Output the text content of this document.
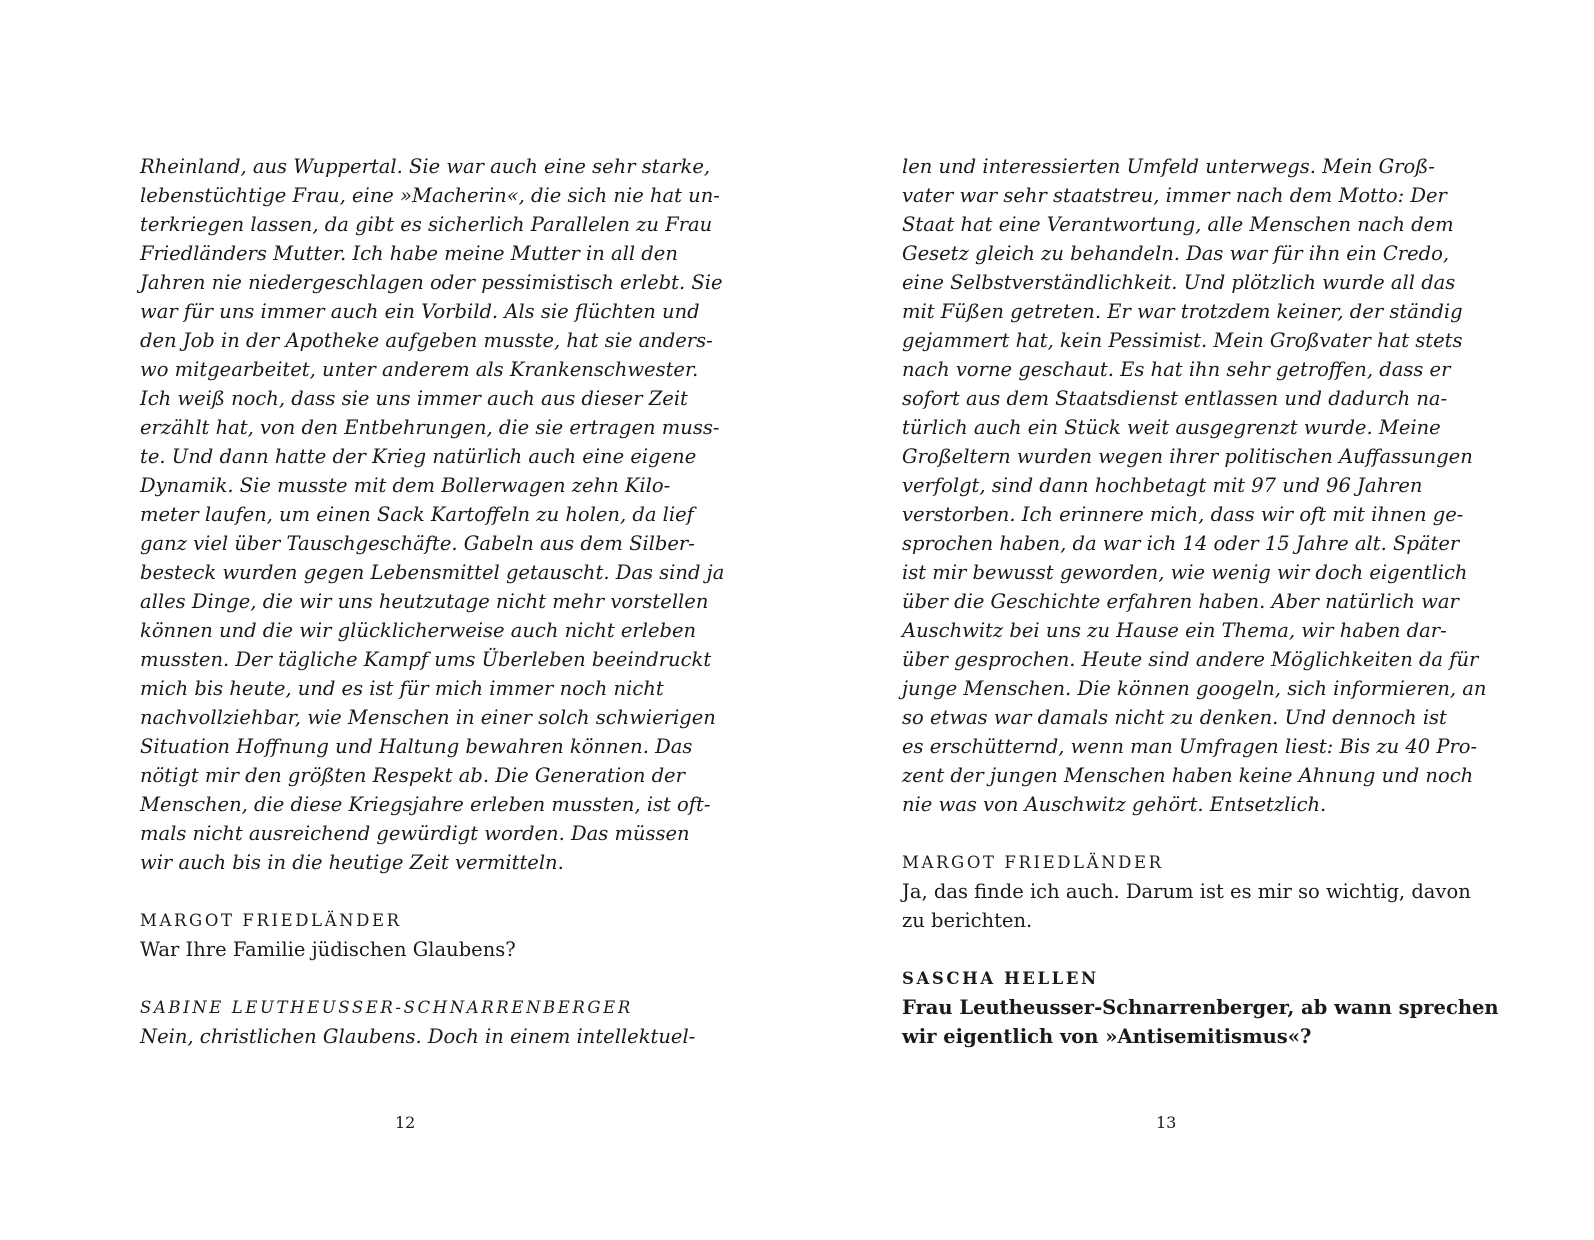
Rheinland, aus Wuppertal. Sie war auch eine sehr starke,
lebenstüchtige Frau, eine »Macherin«, die sich nie hat un-
terkriegen lassen, da gibt es sicherlich Parallelen zu Frau
Friedländers Mutter. Ich habe meine Mutter in all den
Jahren nie niedergeschlagen oder pessimistisch erlebt. Sie
war für uns immer auch ein Vorbild. Als sie flüchten und
den Job in der Apotheke aufgeben musste, hat sie anders-
wo mitgearbeitet, unter anderem als Krankenschwester.
Ich weiß noch, dass sie uns immer auch aus dieser Zeit
erzählt hat, von den Entbehrungen, die sie ertragen muss-
te. Und dann hatte der Krieg natürlich auch eine eigene
Dynamik. Sie musste mit dem Bollerwagen zehn Kilo-
meter laufen, um einen Sack Kartoffeln zu holen, da lief
ganz viel über Tauschgeschäfte. Gabeln aus dem Silber-
besteck wurden gegen Lebensmittel getauscht. Das sind ja
alles Dinge, die wir uns heutzutage nicht mehr vorstellen
können und die wir glücklicherweise auch nicht erleben
mussten. Der tägliche Kampf ums Überleben beeindruckt
mich bis heute, und es ist für mich immer noch nicht
nachvollziehbar, wie Menschen in einer solch schwierigen
Situation Hoffnung und Haltung bewahren können. Das
nötigt mir den größten Respekt ab. Die Generation der
Menschen, die diese Kriegsjahre erleben mussten, ist oft-
mals nicht ausreichend gewürdigt worden. Das müssen
wir auch bis in die heutige Zeit vermitteln.
MARGOT FRIEDLÄNDER
War Ihre Familie jüdischen Glaubens?
SABINE LEUTHEUSSER-SCHNARRENBERGER
Nein, christlichen Glaubens. Doch in einem intellektuel-
12
len und interessierten Umfeld unterwegs. Mein Groß-
vater war sehr staatstreu, immer nach dem Motto: Der
Staat hat eine Verantwortung, alle Menschen nach dem
Gesetz gleich zu behandeln. Das war für ihn ein Credo,
eine Selbstverständlichkeit. Und plötzlich wurde all das
mit Füßen getreten. Er war trotzdem keiner, der ständig
gejammert hat, kein Pessimist. Mein Großvater hat stets
nach vorne geschaut. Es hat ihn sehr getroffen, dass er
sofort aus dem Staatsdienst entlassen und dadurch na-
türlich auch ein Stück weit ausgegrenzt wurde. Meine
Großeltern wurden wegen ihrer politischen Auffassungen
verfolgt, sind dann hochbetagt mit 97 und 96 Jahren
verstorben. Ich erinnere mich, dass wir oft mit ihnen ge-
sprochen haben, da war ich 14 oder 15 Jahre alt. Später
ist mir bewusst geworden, wie wenig wir doch eigentlich
über die Geschichte erfahren haben. Aber natürlich war
Auschwitz bei uns zu Hause ein Thema, wir haben dar-
über gesprochen. Heute sind andere Möglichkeiten da für
junge Menschen. Die können googeln, sich informieren, an
so etwas war damals nicht zu denken. Und dennoch ist
es erschütternd, wenn man Umfragen liest: Bis zu 40 Pro-
zent der jungen Menschen haben keine Ahnung und noch
nie was von Auschwitz gehört. Entsetzlich.
MARGOT FRIEDLÄNDER
Ja, das finde ich auch. Darum ist es mir so wichtig, davon
zu berichten.
SASCHA HELLEN
Frau Leutheusser-Schnarrenberger, ab wann sprechen
wir eigentlich von »Antisemitismus«?
13
